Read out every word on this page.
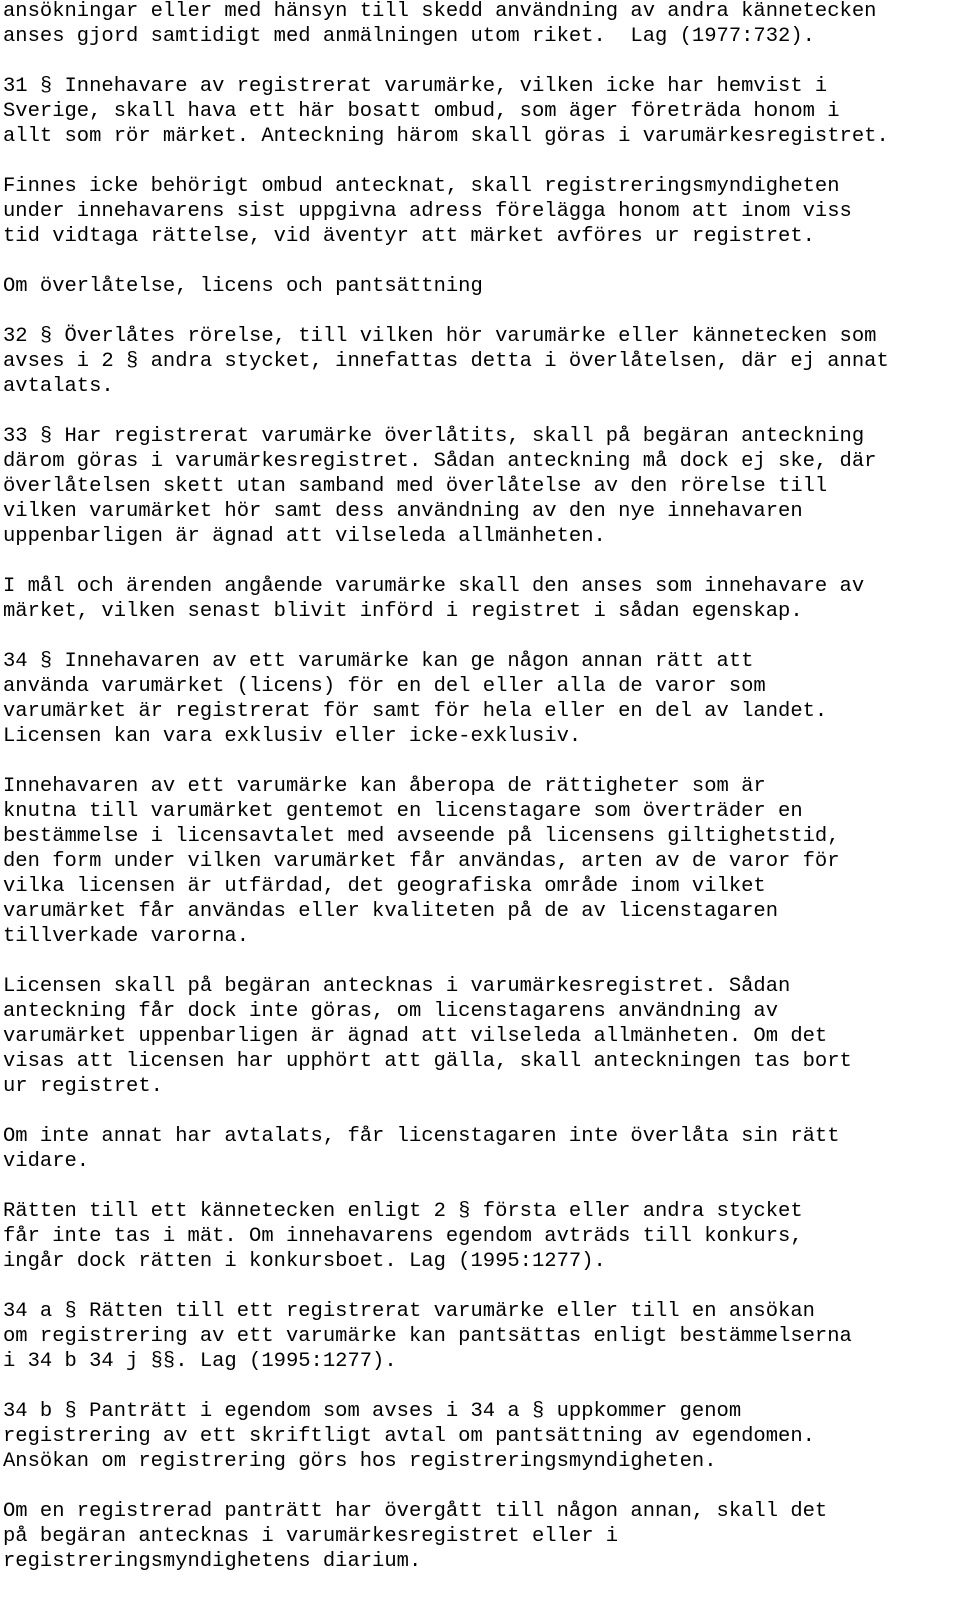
ansökningar eller med hänsyn till skedd användning av andra kännetecken
anses gjord samtidigt med anmälningen utom riket.  Lag (1977:732).

31 § Innehavare av registrerat varumärke, vilken icke har hemvist i
Sverige, skall hava ett här bosatt ombud, som äger företräda honom i
allt som rör märket. Anteckning härom skall göras i varumärkesregistret.

Finnes icke behörigt ombud antecknat, skall registreringsmyndigheten
under innehavarens sist uppgivna adress förelägga honom att inom viss
tid vidtaga rättelse, vid äventyr att märket avföres ur registret.

Om överlåtelse, licens och pantsättning

32 § Överlåtes rörelse, till vilken hör varumärke eller kännetecken som
avses i 2 § andra stycket, innefattas detta i överlåtelsen, där ej annat
avtalats.

33 § Har registrerat varumärke överlåtits, skall på begäran anteckning
därom göras i varumärkesregistret. Sådan anteckning må dock ej ske, där
överlåtelsen skett utan samband med överlåtelse av den rörelse till
vilken varumärket hör samt dess användning av den nye innehavaren
uppenbarligen är ägnad att vilseleda allmänheten.

I mål och ärenden angående varumärke skall den anses som innehavare av
märket, vilken senast blivit införd i registret i sådan egenskap.

34 § Innehavaren av ett varumärke kan ge någon annan rätt att
använda varumärket (licens) för en del eller alla de varor som
varumärket är registrerat för samt för hela eller en del av landet.
Licensen kan vara exklusiv eller icke-exklusiv.

Innehavaren av ett varumärke kan åberopa de rättigheter som är
knutna till varumärket gentemot en licenstagare som överträder en
bestämmelse i licensavtalet med avseende på licensens giltighetstid,
den form under vilken varumärket får användas, arten av de varor för
vilka licensen är utfärdad, det geografiska område inom vilket
varumärket får användas eller kvaliteten på de av licenstagaren
tillverkade varorna.

Licensen skall på begäran antecknas i varumärkesregistret. Sådan
anteckning får dock inte göras, om licenstagarens användning av
varumärket uppenbarligen är ägnad att vilseleda allmänheten. Om det
visas att licensen har upphört att gälla, skall anteckningen tas bort
ur registret.

Om inte annat har avtalats, får licenstagaren inte överlåta sin rätt
vidare.

Rätten till ett kännetecken enligt 2 § första eller andra stycket
får inte tas i mät. Om innehavarens egendom avträds till konkurs,
ingår dock rätten i konkursboet. Lag (1995:1277).

34 a § Rätten till ett registrerat varumärke eller till en ansökan
om registrering av ett varumärke kan pantsättas enligt bestämmelserna
i 34 b 34 j §§. Lag (1995:1277).

34 b § Panträtt i egendom som avses i 34 a § uppkommer genom
registrering av ett skriftligt avtal om pantsättning av egendomen.
Ansökan om registrering görs hos registreringsmyndigheten.

Om en registrerad panträtt har övergått till någon annan, skall det
på begäran antecknas i varumärkesregistret eller i
registreringsmyndighetens diarium.
